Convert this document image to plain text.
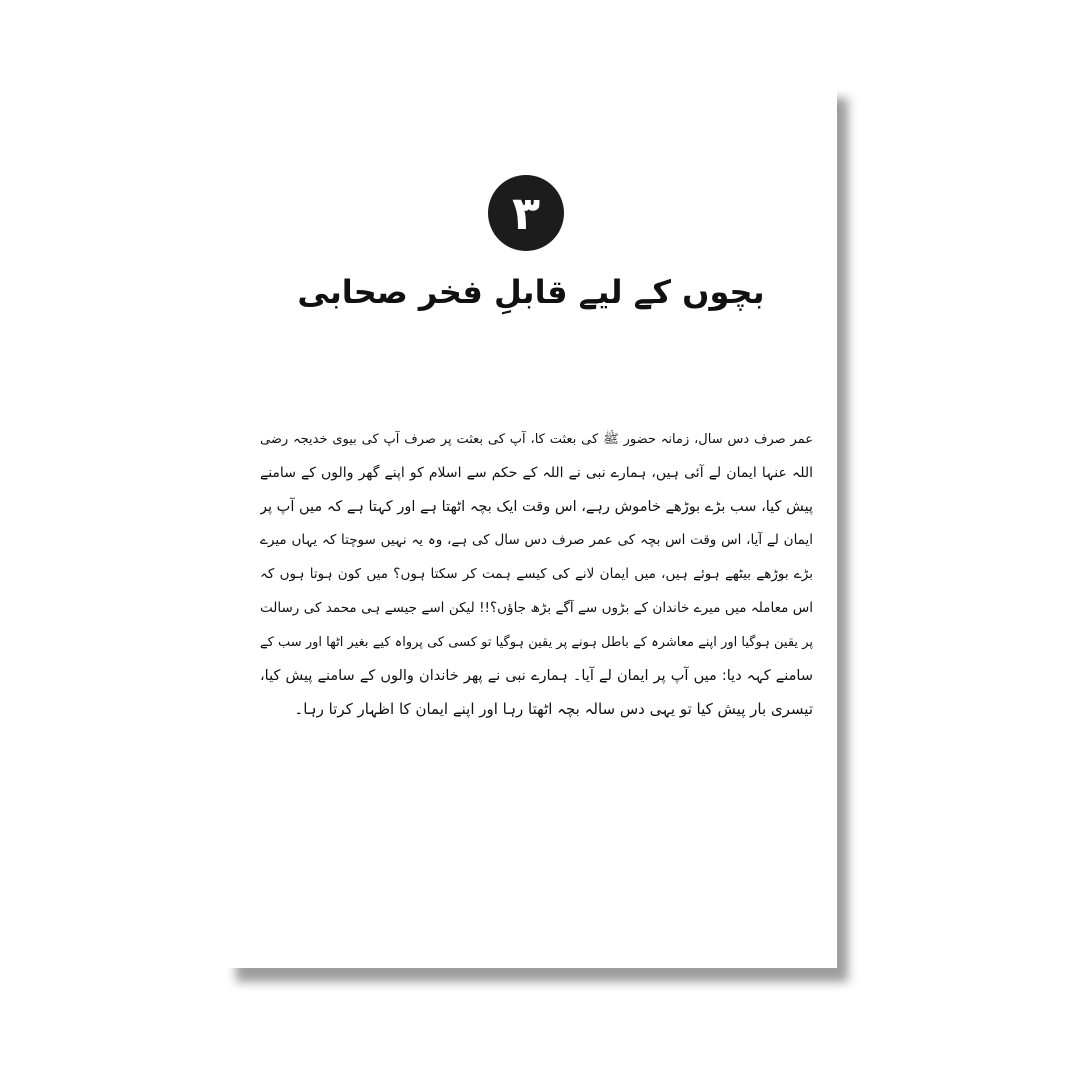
۳
بچوں کے لیے قابلِ فخر صحابی
عمر صرف دس سال، زمانہ حضور ﷺ کی بعثت کا، آپ کی بعثت پر صرف آپ کی بیوی خدیجہ رضی
اللہ عنہا ایمان لے آئی ہیں، ہمارے نبی نے اللہ کے حکم سے اسلام کو اپنے گھر والوں کے سامنے
پیش کیا، سب بڑے بوڑھے خاموش رہے، اس وقت ایک بچہ اٹھتا ہے اور کہتا ہے کہ میں آپ پر
ایمان لے آیا، اس وقت اس بچہ کی عمر صرف دس سال کی ہے، وہ یہ نہیں سوچتا کہ یہاں میرے
بڑے بوڑھے بیٹھے ہوئے ہیں، میں ایمان لانے کی کیسے ہمت کر سکتا ہوں؟ میں کون ہوتا ہوں کہ
اس معاملہ میں میرے خاندان کے بڑوں سے آگے بڑھ جاؤں؟!! لیکن اسے جیسے ہی محمد کی رسالت
پر یقین ہوگیا اور اپنے معاشرہ کے باطل ہونے پر یقین ہوگیا تو کسی کی پرواہ کیے بغیر اٹھا اور سب کے
سامنے کہہ دیا: میں آپ پر ایمان لے آیا۔ ہمارے نبی نے پھر خاندان والوں کے سامنے پیش کیا،
تیسری بار پیش کیا تو یہی دس سالہ بچہ اٹھتا رہا اور اپنے ایمان کا اظہار کرتا رہا۔
